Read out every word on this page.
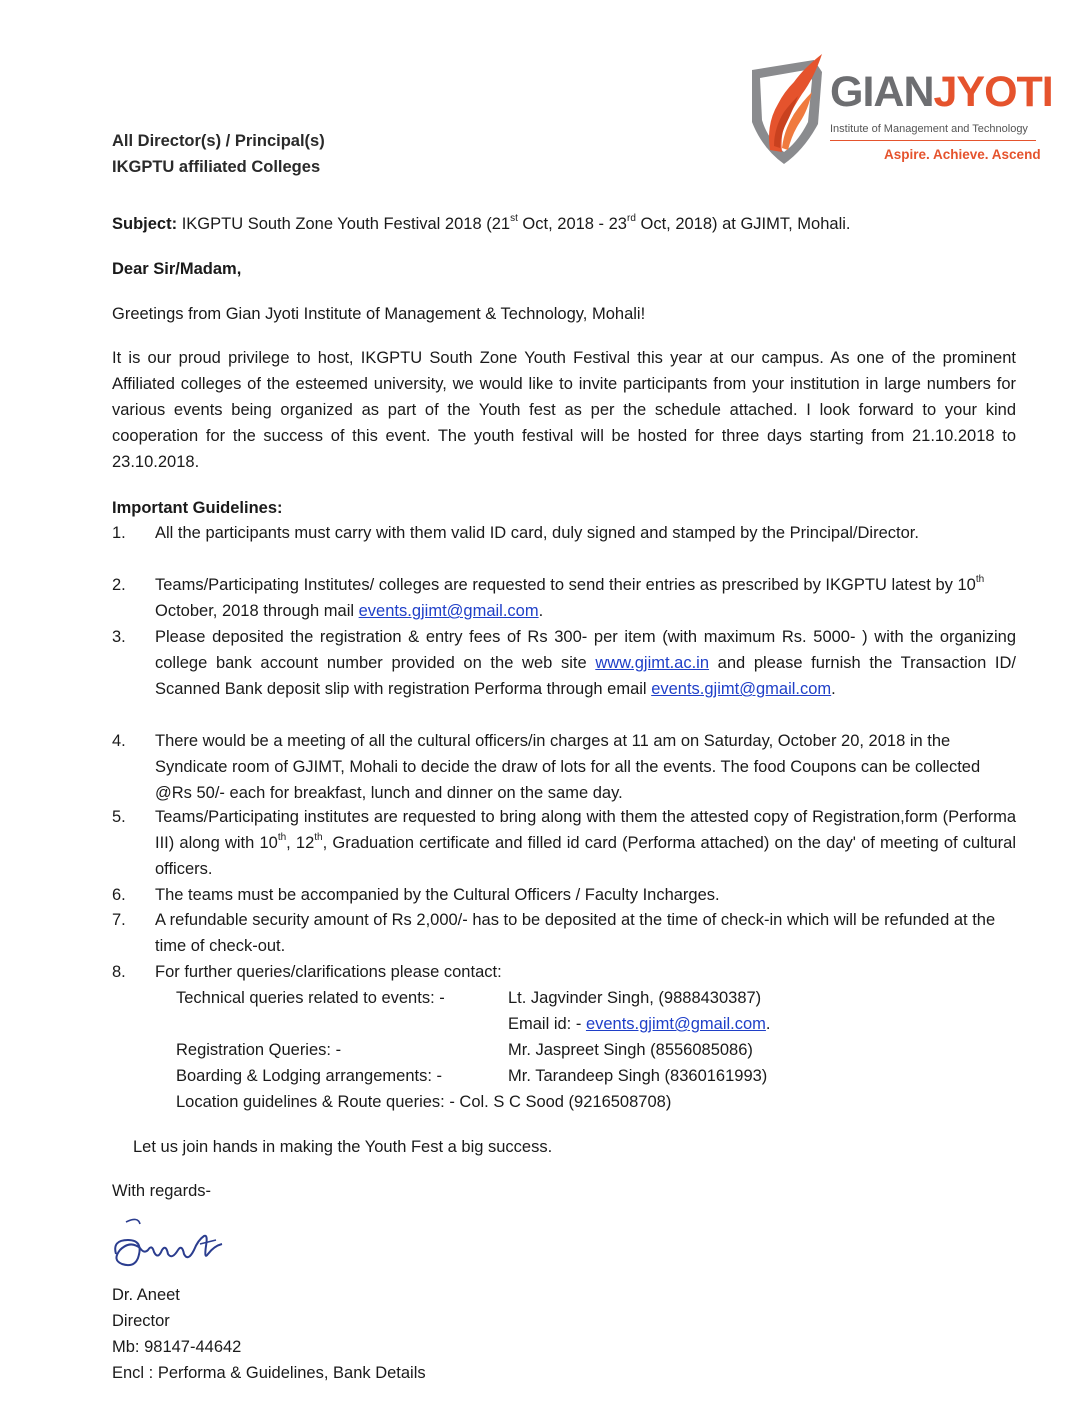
GIANJYOTI
Institute of Management and Technology
Aspire. Achieve. Ascend
All Director(s) / Principal(s)
IKGPTU affiliated Colleges
Subject: IKGPTU South Zone Youth Festival 2018 (21st Oct, 2018 - 23rd Oct, 2018) at GJIMT, Mohali.
Dear Sir/Madam,
Greetings from Gian Jyoti Institute of Management & Technology, Mohali!
It is our proud privilege to host, IKGPTU South Zone Youth Festival this year at our campus. As one of the prominent Affiliated colleges of the esteemed university, we would like to invite participants from your institution in large numbers for various events being organized as part of the Youth fest as per the schedule attached. I look forward to your kind cooperation for the success of this event. The youth festival will be hosted for three days starting from 21.10.2018 to 23.10.2018.
Important Guidelines:
1.	All the participants must carry with them valid ID card, duly signed and stamped by the Principal/Director.
2.	Teams/Participating Institutes/ colleges are requested to send their entries as prescribed by IKGPTU latest by 10th October, 2018 through mail events.gjimt@gmail.com.
3.	Please deposited the registration & entry fees of Rs 300- per item (with maximum Rs. 5000- ) with the organizing college bank account number provided on the web site www.gjimt.ac.in and please furnish the Transaction ID/ Scanned Bank deposit slip with registration Performa through email events.gjimt@gmail.com.
4.	There would be a meeting of all the cultural officers/in charges at 11 am on Saturday, October 20, 2018 in the Syndicate room of GJIMT, Mohali to decide the draw of lots for all the events. The food Coupons can be collected @Rs 50/- each for breakfast, lunch and dinner on the same day.
5.	Teams/Participating institutes are requested to bring along with them the attested copy of Registration,form (Performa III) along with 10th, 12th, Graduation certificate and filled id card (Performa attached) on the day' of meeting of cultural officers.
6.	The teams must be accompanied by the Cultural Officers / Faculty Incharges.
7.	A refundable security amount of Rs 2,000/- has to be deposited at the time of check-in which will be refunded at the time of check-out.
8.	For further queries/clarifications please contact:
Technical queries related to events: -	Lt. Jagvinder Singh, (9888430387)
Email id: - events.gjimt@gmail.com.
Registration Queries: -	Mr. Jaspreet Singh (8556085086)
Boarding & Lodging arrangements: -	Mr. Tarandeep Singh (8360161993)
Location guidelines & Route queries: - Col. S C Sood (9216508708)
Let us join hands in making the Youth Fest a big success.
With regards-
Dr. Aneet
Director
Mb: 98147-44642
Encl : Performa & Guidelines, Bank Details
